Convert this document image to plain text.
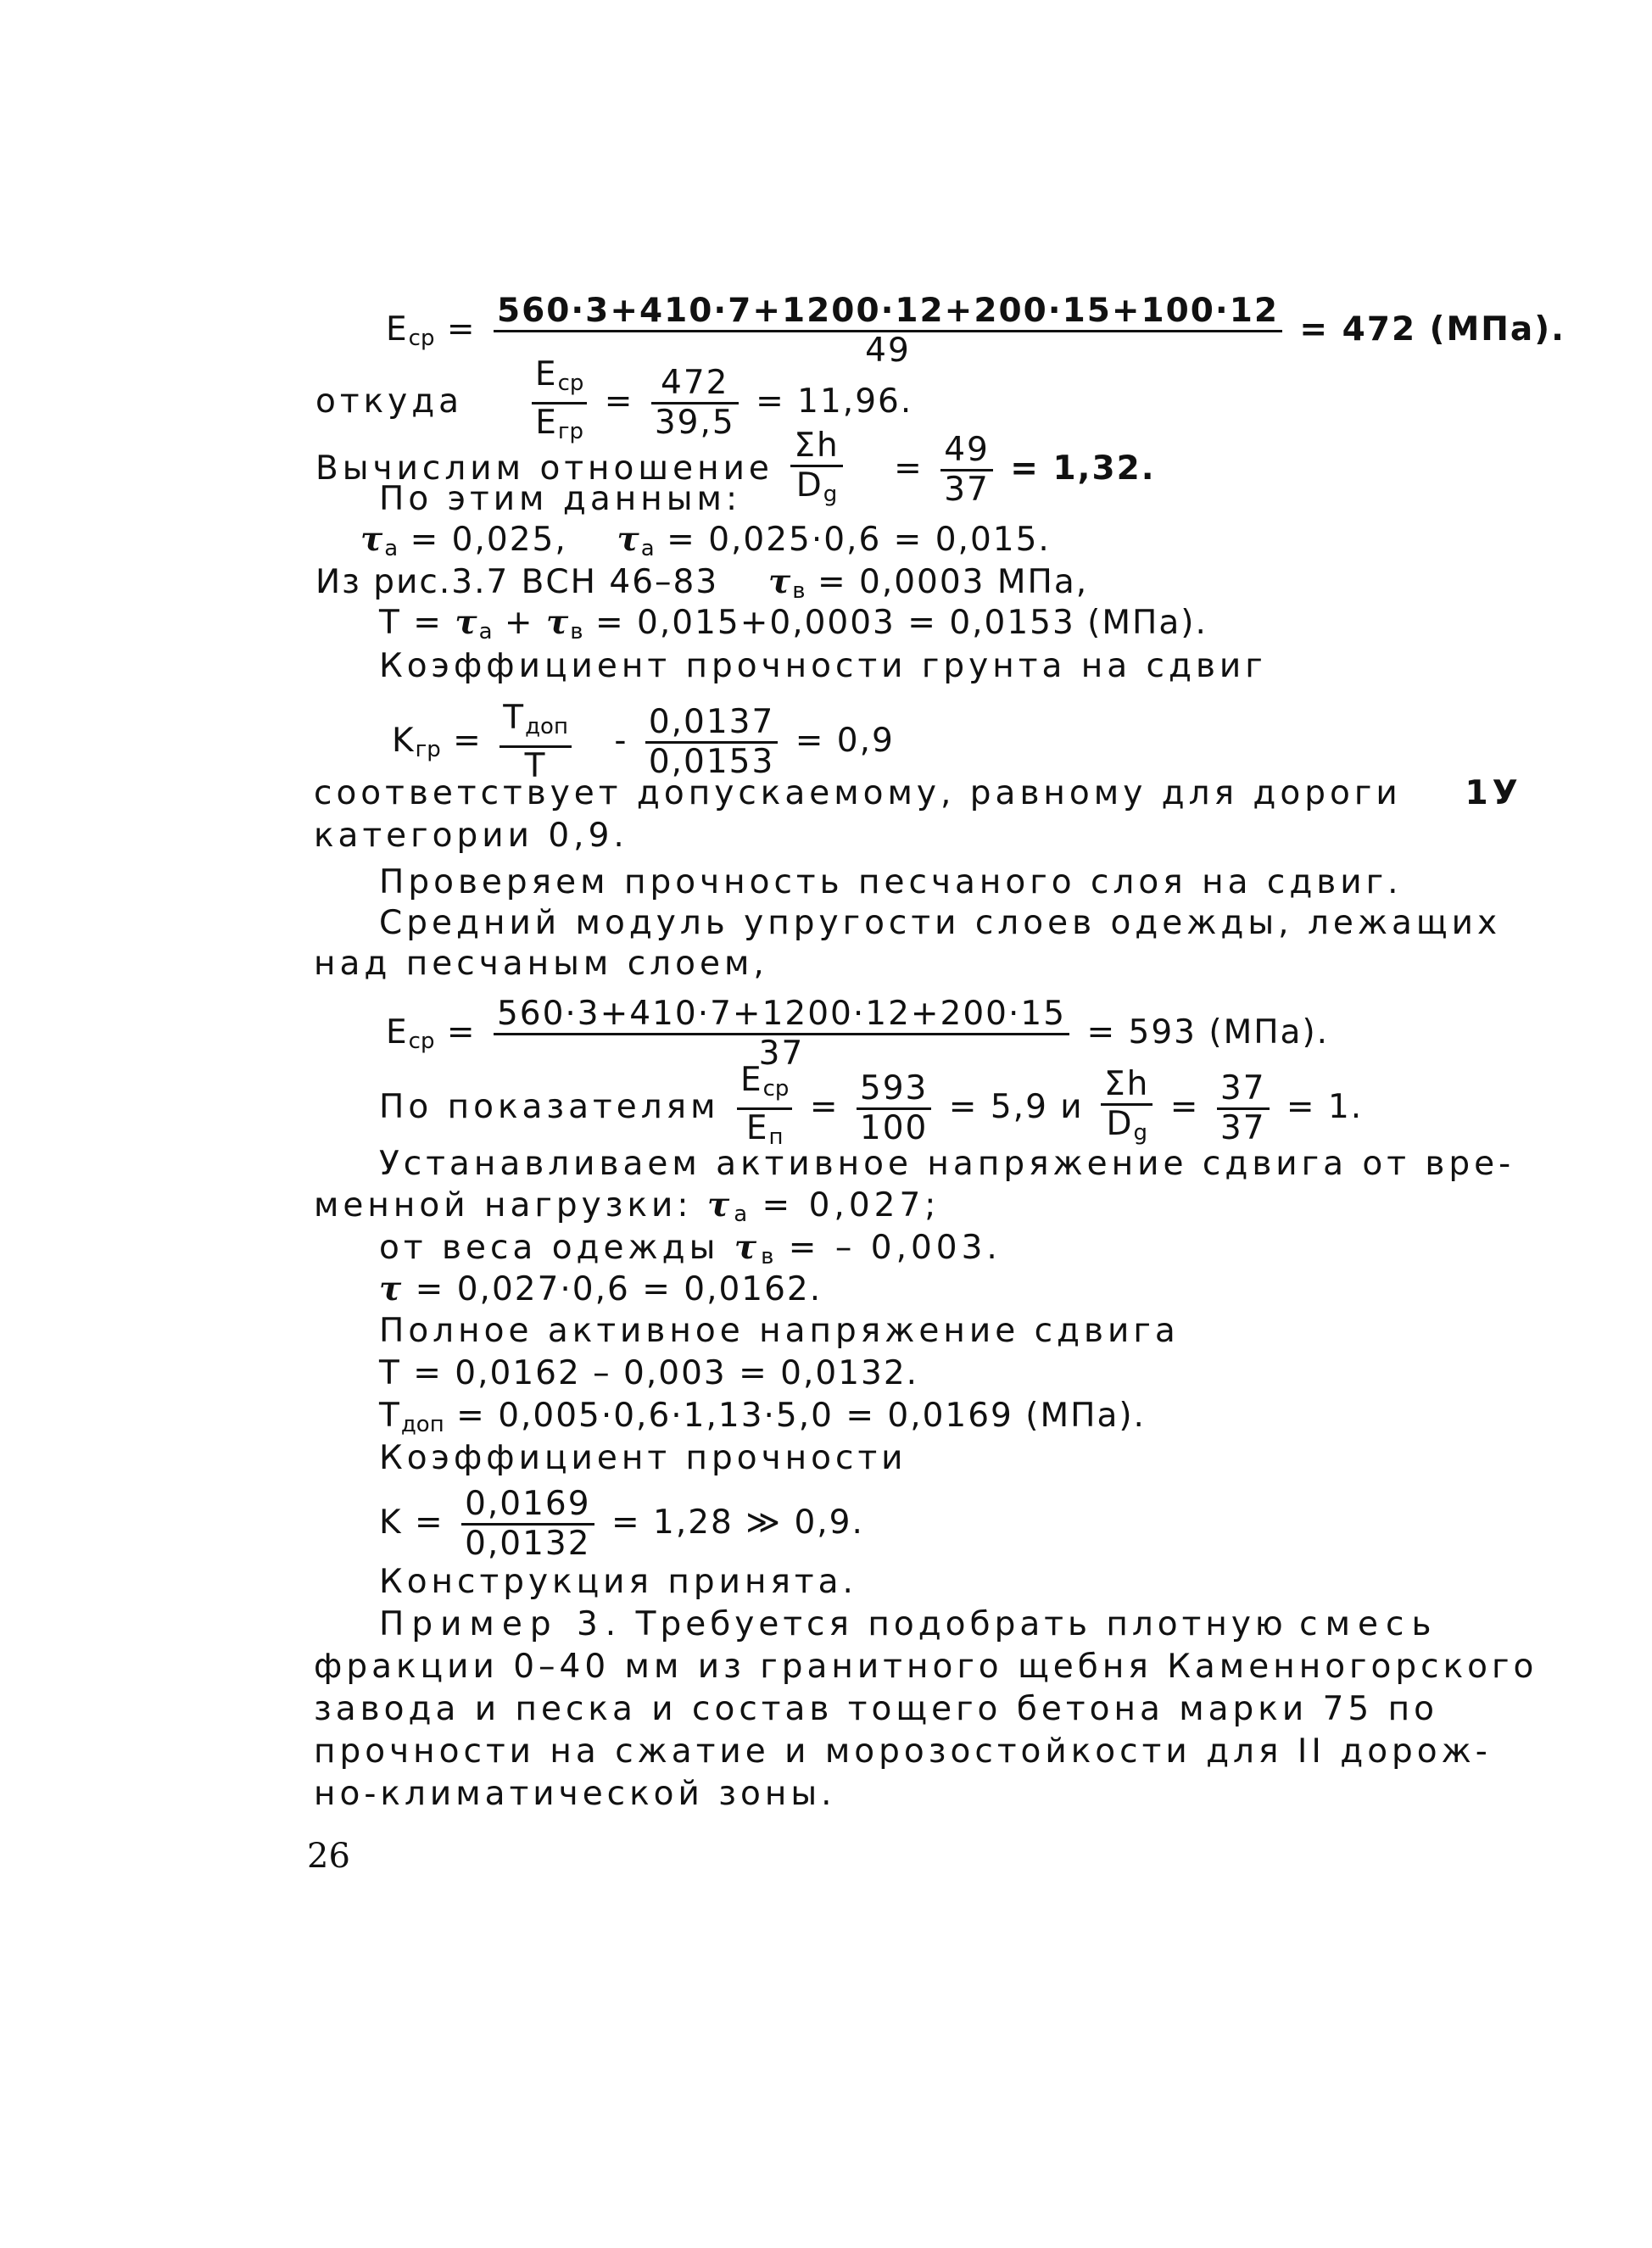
$E_{ср} = \frac{560\cdot 3+410\cdot 7+1200\cdot 12+200\cdot 15+100\cdot 12}{49} = 472$ (МПа).
откуда $\frac{E_{ср}}{E_{гр}} = \frac{472}{39,5} = 11,96$.
Вычислим отношение $\frac{\Sigma h}{D_g} = \frac{49}{37} = 1,32$.
По этим данным:
$\tau_a = 0,025$, $\tau_a = 0,025\cdot 0,6 = 0,015$.
Из рис.3.7 ВСН 46–83 $\tau_в = 0,0003$ МПа,
$T = \tau_a + \tau_в = 0,015+0,0003 = 0,0153$ (МПа).
Коэффициент прочности грунта на сдвиг
$K_{гр} = \frac{T_{доп}}{T} - \frac{0,0137}{0,0153} = 0,9$
соответствует допускаемому, равному для дороги 1У
категории 0,9.
Проверяем прочность песчаного слоя на сдвиг.
Средний модуль упругости слоев одежды, лежащих
над песчаным слоем,
$E_{ср} = \frac{560\cdot 3+410\cdot 7+1200\cdot 12+200\cdot 15}{37} = 593$ (МПа).
По показателям $\frac{E_{ср}}{E_п} = \frac{593}{100} = 5,9$ и $\frac{\Sigma h}{D_g} = \frac{37}{37} = 1$.
Устанавливаем активное напряжение сдвига от вре-
менной нагрузки: $\tau_a = 0,027$;
от веса одежды $\tau_в$ = – 0,003.
τ = 0,027·0,6 = 0,0162.
Полное активное напряжение сдвига
T = 0,0162 – 0,003 = 0,0132.
$T_{доп} = 0,005\cdot 0,6\cdot 1,13\cdot 5,0 = 0,0169$ (МПа).
Коэффициент прочности
$K = \frac{0,0169}{0,0132} = 1,28$ ≫ 0,9.
Конструкция принята.
Пример 3. Требуется подобрать плотную смесь
фракции 0–40 мм из гранитного щебня Каменногорского
завода и песка и состав тощего бетона марки 75 по
прочности на сжатие и морозостойкости для II дорож-
но-климатической зоны.
26
